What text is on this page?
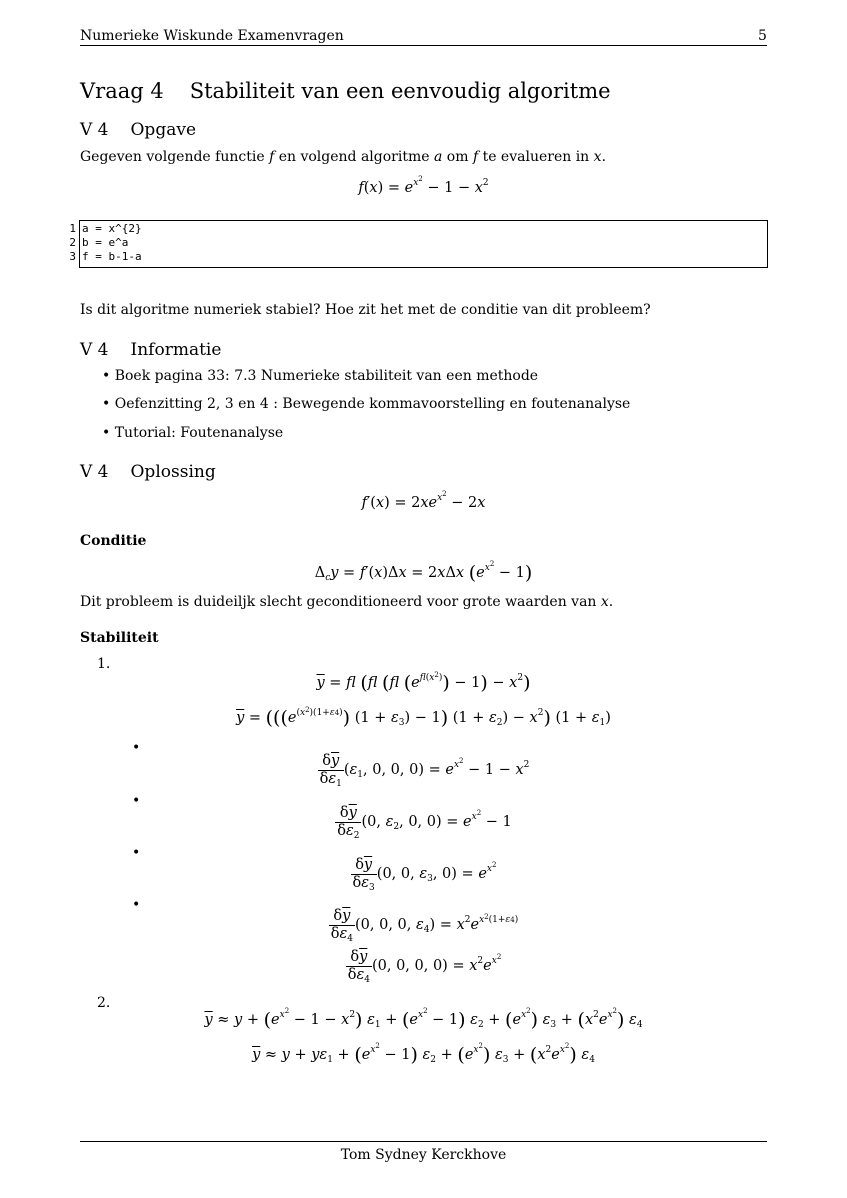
Numerieke Wiskunde Examenvragen	5
Vraag 4 Stabiliteit van een eenvoudig algoritme
V 4 Opgave
Gegeven volgende functie f en volgend algoritme a om f te evalueren in x.
$f(x) = e^{x^2} - 1 - x^2$
1 a = x^{2}
2 b = e^a
3 f = b-1-a
Is dit algoritme numeriek stabiel? Hoe zit het met de conditie van dit probleem?
V 4 Informatie
• Boek pagina 33: 7.3 Numerieke stabiliteit van een methode
• Oefenzitting 2, 3 en 4 : Bewegende kommavoorstelling en foutenanalyse
• Tutorial: Foutenanalyse
V 4 Oplossing
$f'(x) = 2xe^{x^2} - 2x$
Conditie
$\Delta_cy = f'(x)\Delta x = 2x\Delta x$ $(e^{x^2} - 1)$
Dit probleem is duideiljk slecht geconditioneerd voor grote waarden van x.
Stabiliteit
1.
$\overline{y}$ = fl (fl (fl $(e^{fl(x^2)}) - 1) - x^2$)
$\overline{y} = (((e^{(x^2)(1+\varepsilon 4)}) (1 + \varepsilon_3) - 1) (1 + \varepsilon_2) - x^2) (1 + \varepsilon_1)$
•
$\frac{\delta\overline{y}}{\delta\varepsilon_1} (\varepsilon_1$, 0, 0, $0) = e^{x^2} - 1 - x^2$
•
$\frac{\delta\overline{y}}{\delta\varepsilon_2} (0$, $\varepsilon_2$, 0, $0) = e^{x^2} - 1$
•
$\frac{\delta\overline{y}}{\delta\varepsilon_3} (0$, 0, $\varepsilon_3$, $0) = e^{x^2}$
•
$\frac{\delta\overline{y}}{\delta\varepsilon_4} (0$, 0, 0, $\varepsilon_4) = x^2e^{x^2(1+\varepsilon 4)}$
$\frac{\delta\overline{y}}{\delta\varepsilon_4} (0$, 0, 0, $0) = x^2e^{x^2}$
2.
$\overline{y} \approx y + (e^{x^2} - 1 - x^2) \varepsilon_1 + (e^{x^2} - 1) \varepsilon_2 + (e^{x^2}) \varepsilon_3 + (x^2e^{x^2})$ $\varepsilon_4$
$\overline{y} \approx y + y\varepsilon_1 + (e^{x^2} - 1) \varepsilon_2 + (e^{x^2}) \varepsilon_3 + (x^2e^{x^2})$ $\varepsilon_4$
Tom Sydney Kerckhove
